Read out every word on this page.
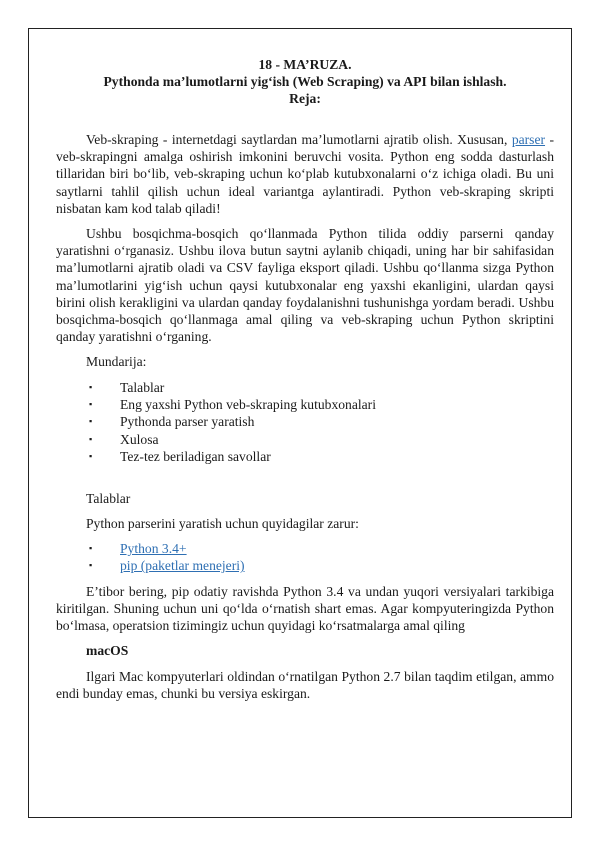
18 - MA’RUZA.
Pythonda ma’lumotlarni yig‘ish (Web Scraping) va API bilan ishlash.
Reja:

Veb-skraping - internetdagi saytlardan ma’lumotlarni ajratib olish. Xususan, parser - veb-skrapingni amalga oshirish imkonini beruvchi vosita. Python eng sodda dasturlash tillaridan biri bo‘lib, veb-skraping uchun ko‘plab kutubxonalarni o‘z ichiga oladi. Bu uni saytlarni tahlil qilish uchun ideal variantga aylantiradi. Python veb-skraping skripti nisbatan kam kod talab qiladi!

Ushbu bosqichma-bosqich qo‘llanmada Python tilida oddiy parserni qanday yaratishni o‘rganasiz. Ushbu ilova butun saytni aylanib chiqadi, uning har bir sahifasidan ma’lumotlarni ajratib oladi va CSV fayliga eksport qiladi. Ushbu qo‘llanma sizga Python ma’lumotlarini yig‘ish uchun qaysi kutubxonalar eng yaxshi ekanligini, ulardan qaysi birini olish kerakligini va ulardan qanday foydalanishni tushunishga yordam beradi. Ushbu bosqichma-bosqich qo‘llanmaga amal qiling va veb-skraping uchun Python skriptini qanday yaratishni o‘rganing.

Mundarija:

▪ Talablar
▪ Eng yaxshi Python veb-skraping kutubxonalari
▪ Pythonda parser yaratish
▪ Xulosa
▪ Tez-tez beriladigan savollar

Talablar

Python parserini yaratish uchun quyidagilar zarur:

▪ Python 3.4+
▪ pip (paketlar menejeri)

E’tibor bering, pip odatiy ravishda Python 3.4 va undan yuqori versiyalari tarkibiga kiritilgan. Shuning uchun uni qo‘lda o‘rnatish shart emas. Agar kompyuteringizda Python bo‘lmasa, operatsion tizimingiz uchun quyidagi ko‘rsatmalarga amal qiling

macOS

Ilgari Mac kompyuterlari oldindan o‘rnatilgan Python 2.7 bilan taqdim etilgan, ammo endi bunday emas, chunki bu versiya eskirgan.
